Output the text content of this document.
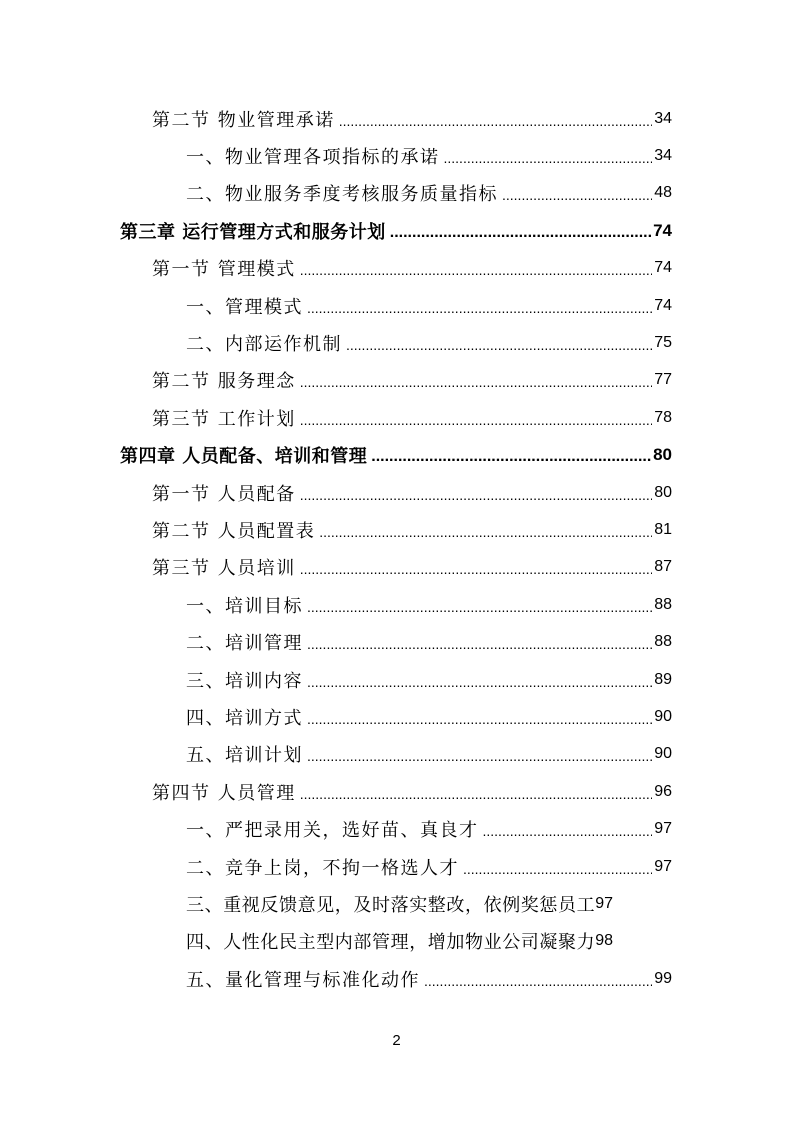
第二节 物业管理承诺 .....	34
一、物业管理各项指标的承诺 .....	34
二、物业服务季度考核服务质量指标 .....	48
第三章 运行管理方式和服务计划 .....	74
第一节 管理模式 .....	74
一、管理模式 .....	74
二、内部运作机制 .....	75
第二节 服务理念 .....	77
第三节 工作计划 .....	78
第四章 人员配备、培训和管理 .....	80
第一节 人员配备 .....	80
第二节 人员配置表 .....	81
第三节 人员培训 .....	87
一、培训目标 .....	88
二、培训管理 .....	88
三、培训内容 .....	89
四、培训方式 .....	90
五、培训计划 .....	90
第四节 人员管理 .....	96
一、严把录用关，选好苗、真良才 .....	97
二、竞争上岗，不拘一格选人才 .....	97
三、重视反馈意见，及时落实整改，依例奖惩员工 97
四、人性化民主型内部管理，增加物业公司凝聚力 98
五、量化管理与标准化动作 .....	99
2
